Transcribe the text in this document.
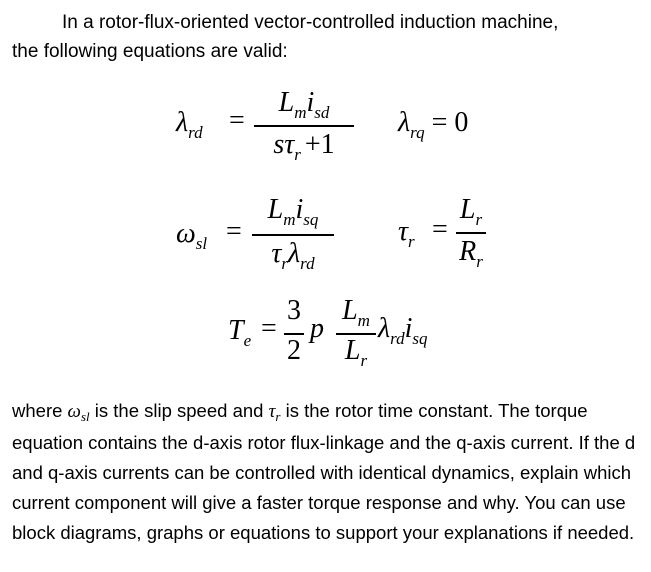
In a rotor-flux-oriented vector-controlled induction machine,
the following equations are valid:
$\lambda_{rd}$ =
$L_mi_{sd}$
$s\tau_r +1$
$\lambda_{rq} = 0$
$\omega_{sl}$ =
$L_mi_{sq}$
$\tau_r\lambda_{rd}$
$\tau_r$ =
$L_r$
$R_r$
$T_e$ =
3
2
p
$L_m$
$L_r$
$\lambda_{rd}i_{sq}$
where $\omega_{sl}$ is the slip speed and $\tau_r$ is the rotor time constant. The torque equation contains the d-axis rotor flux-linkage and the q-axis current. If the d and q-axis currents can be controlled with identical dynamics, explain which current component will give a faster torque response and why. You can use block diagrams, graphs or equations to support your explanations if needed.
